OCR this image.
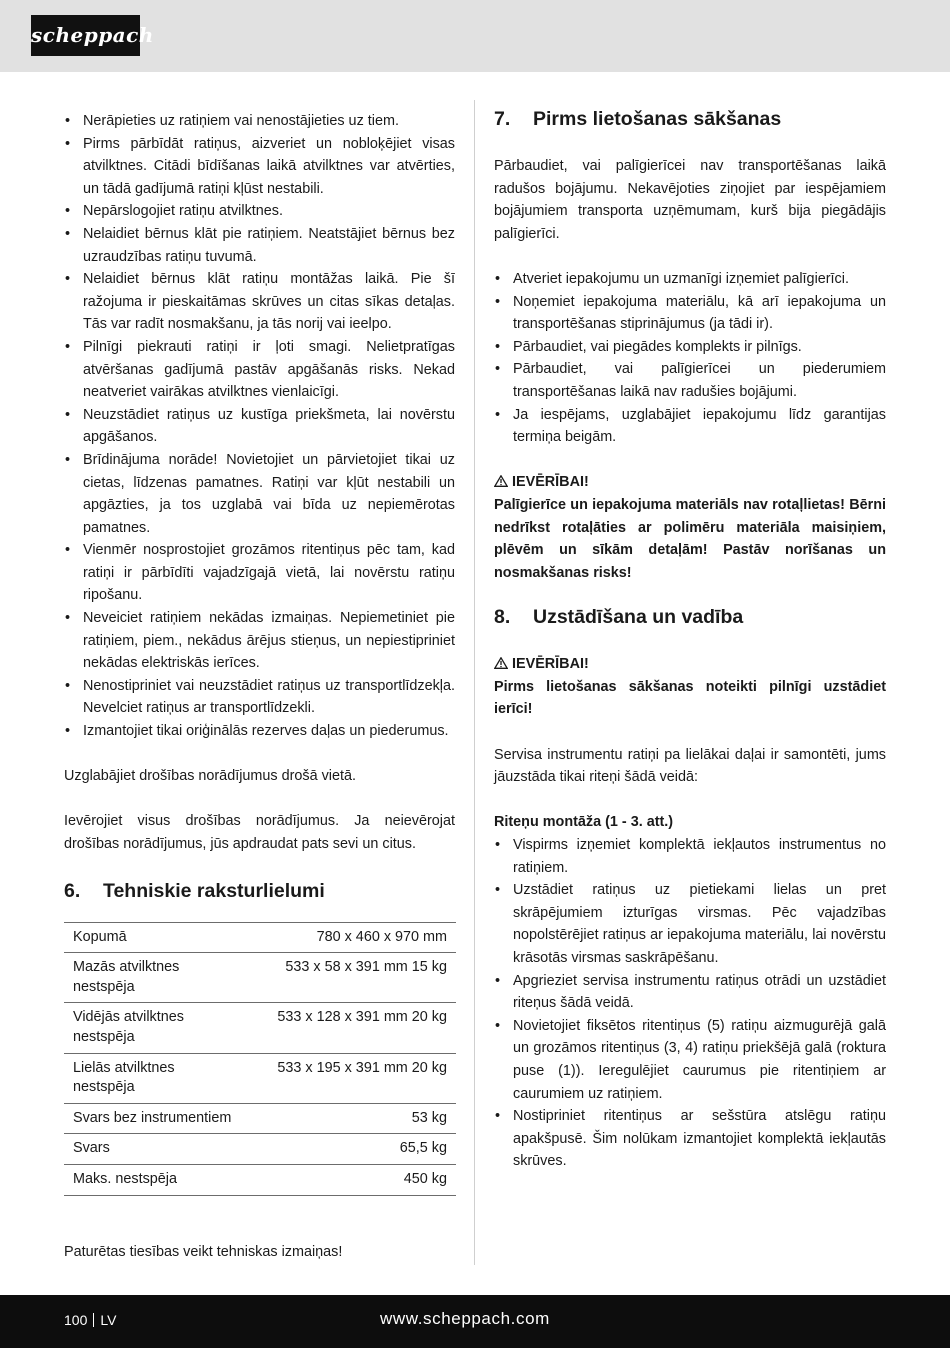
scheppach
• Nerāpieties uz ratiņiem vai nenostājieties uz tiem.
• Pirms pārbīdāt ratiņus, aizveriet un nobloķējiet visas atvilktnes. Citādi bīdīšanas laikā atvilktnes var atvērties, un tādā gadījumā ratiņi kļūst nestabili.
• Nepārslogojiet ratiņu atvilktnes.
• Nelaidiet bērnus klāt pie ratiņiem. Neatstājiet bērnus bez uzraudzības ratiņu tuvumā.
• Nelaidiet bērnus klāt ratiņu montāžas laikā. Pie šī ražojuma ir pieskaitāmas skrūves un citas sīkas detaļas. Tās var radīt nosmakšanu, ja tās norij vai ieelpo.
• Pilnīgi piekrauti ratiņi ir ļoti smagi. Nelietpratīgas atvēršanas gadījumā pastāv apgāšanās risks. Nekad neatveriet vairākas atvilktnes vienlaicīgi.
• Neuzstādiet ratiņus uz kustīga priekšmeta, lai novērstu apgāšanos.
• Brīdinājuma norāde! Novietojiet un pārvietojiet tikai uz cietas, līdzenas pamatnes. Ratiņi var kļūt nestabili un apgāzties, ja tos uzglabā vai bīda uz nepiemērotas pamatnes.
• Vienmēr nosprostojiet grozāmos ritentiņus pēc tam, kad ratiņi ir pārbīdīti vajadzīgajā vietā, lai novērstu ratiņu ripošanu.
• Neveiciet ratiņiem nekādas izmaiņas. Nepiemetiniet pie ratiņiem, piem., nekādus ārējus stieņus, un nepiestipriniet nekādas elektriskās ierīces.
• Nenostipriniet vai neuzstādiet ratiņus uz transportlīdzekļa. Nevelciet ratiņus ar transportlīdzekli.
• Izmantojiet tikai oriģinālās rezerves daļas un piederumus.

Uzglabājiet drošības norādījumus drošā vietā.

Ievērojiet visus drošības norādījumus. Ja neievērojat drošības norādījumus, jūs apdraudat pats sevi un citus.

6. Tehniskie raksturlielumi
Kopumā	780 x 460 x 970 mm
Mazās atvilktnes nestspēja	533 x 58 x 391 mm 15 kg
Vidējās atvilktnes nestspēja	533 x 128 x 391 mm 20 kg
Lielās atvilktnes nestspēja	533 x 195 x 391 mm 20 kg
Svars bez instrumentiem	53 kg
Svars	65,5 kg
Maks. nestspēja	450 kg

Paturētas tiesības veikt tehniskas izmaiņas!

7. Pirms lietošanas sākšanas

Pārbaudiet, vai palīgierīcei nav transportēšanas laikā radušos bojājumu. Nekavējoties ziņojiet par iespējamiem bojājumiem transporta uzņēmumam, kurš bija piegādājis palīgierīci.

• Atveriet iepakojumu un uzmanīgi izņemiet palīgierīci.
• Noņemiet iepakojuma materiālu, kā arī iepakojuma un transportēšanas stiprinājumus (ja tādi ir).
• Pārbaudiet, vai piegādes komplekts ir pilnīgs.
• Pārbaudiet, vai palīgierīcei un piederumiem transportēšanas laikā nav radušies bojājumi.
• Ja iespējams, uzglabājiet iepakojumu līdz garantijas termiņa beigām.
IEVĒRĪBAI!

Palīgierīce un iepakojuma materiāls nav rotaļlietas! Bērni nedrīkst rotaļāties ar polimēru materiāla maisiņiem, plēvēm un sīkām detaļām! Pastāv norīšanas un nosmakšanas risks!

8. Uzstādīšana un vadība
IEVĒRĪBAI!

Pirms lietošanas sākšanas noteikti pilnīgi uzstādiet ierīci!

Servisa instrumentu ratiņi pa lielākai daļai ir samontēti, jums jāuzstāda tikai riteņi šādā veidā:

Riteņu montāža (1 - 3. att.)
• Vispirms izņemiet komplektā iekļautos instrumentus no ratiņiem.
• Uzstādiet ratiņus uz pietiekami lielas un pret skrāpējumiem izturīgas virsmas. Pēc vajadzības nopolstērējiet ratiņus ar iepakojuma materiālu, lai novērstu krāsotās virsmas saskrāpēšanu.
• Apgrieziet servisa instrumentu ratiņus otrādi un uzstādiet riteņus šādā veidā.
• Novietojiet fiksētos ritentiņus (5) ratiņu aizmugurējā galā un grozāmos ritentiņus (3, 4) ratiņu priekšējā galā (roktura puse (1)). Ieregulējiet caurumus pie ritentiņiem ar caurumiem uz ratiņiem.
• Nostipriniet ritentiņus ar sešstūra atslēgu ratiņu apakšpusē. Šim nolūkam izmantojiet komplektā iekļautās skrūves.
100 LV	www.scheppach.com
